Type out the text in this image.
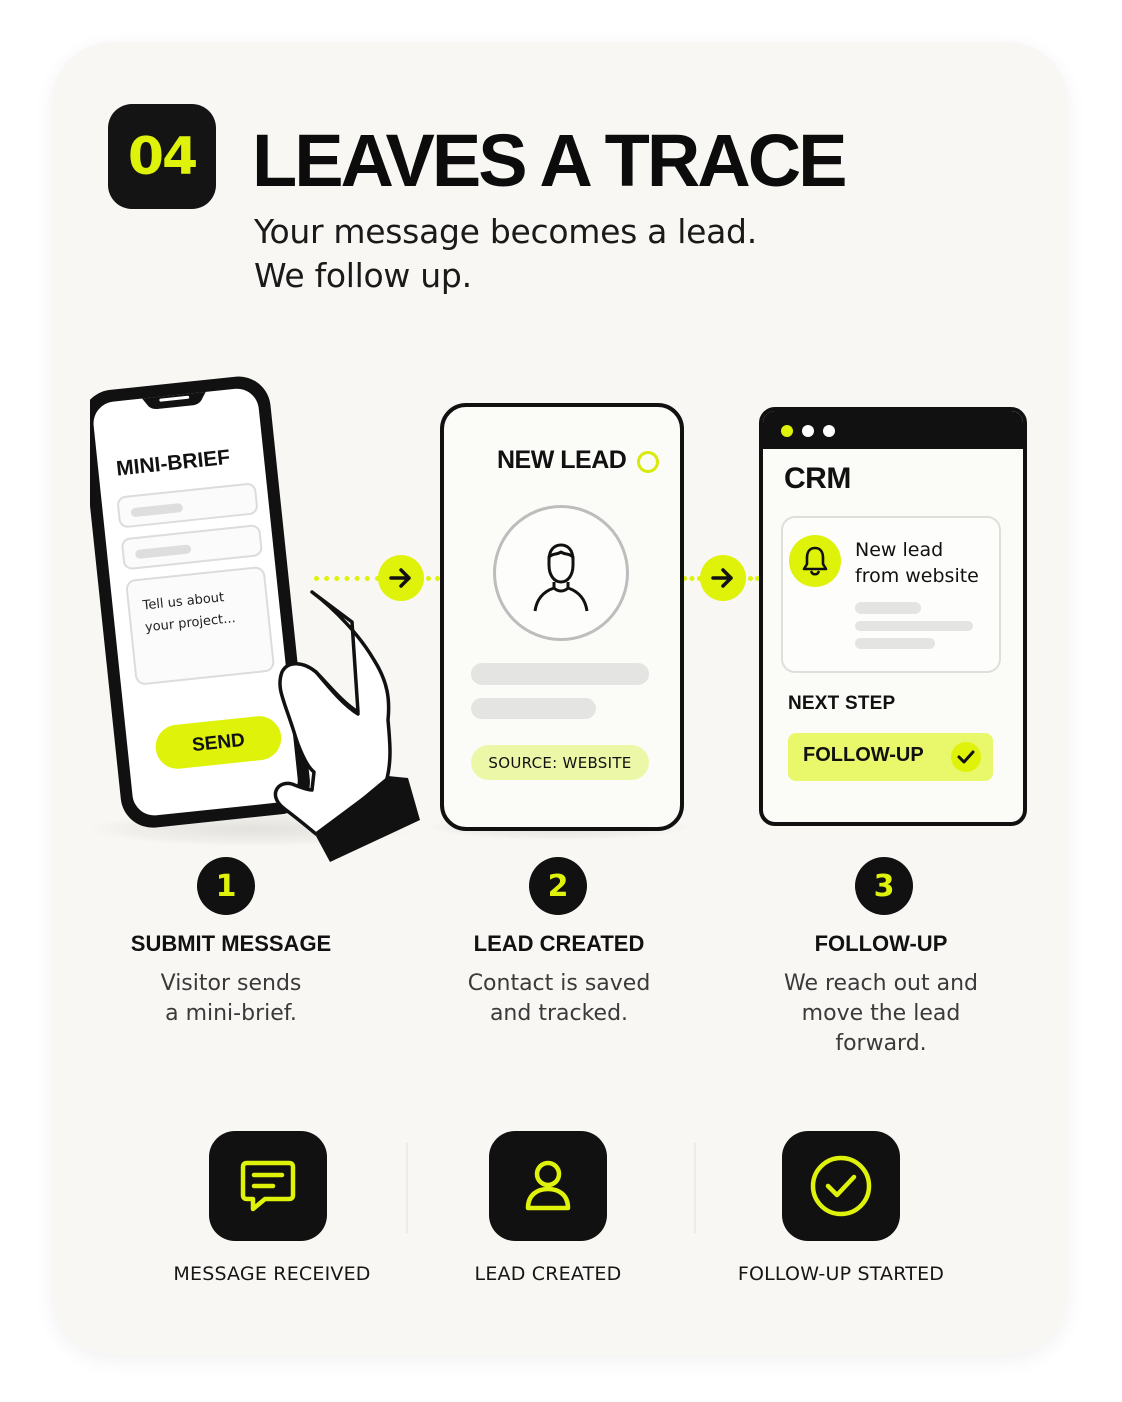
04 LEAVES A TRACE
Your message becomes a lead.
We follow up.
MINI-BRIEF
Tell us about
your project...
SEND
NEW LEAD
SOURCE: WEBSITE
CRM
New lead
from website
NEXT STEP
FOLLOW-UP
1
SUBMIT MESSAGE
Visitor sends
a mini-brief.
2
LEAD CREATED
Contact is saved
and tracked.
3
FOLLOW-UP
We reach out and
move the lead
forward.
MESSAGE RECEIVED	LEAD CREATED	FOLLOW-UP STARTED
